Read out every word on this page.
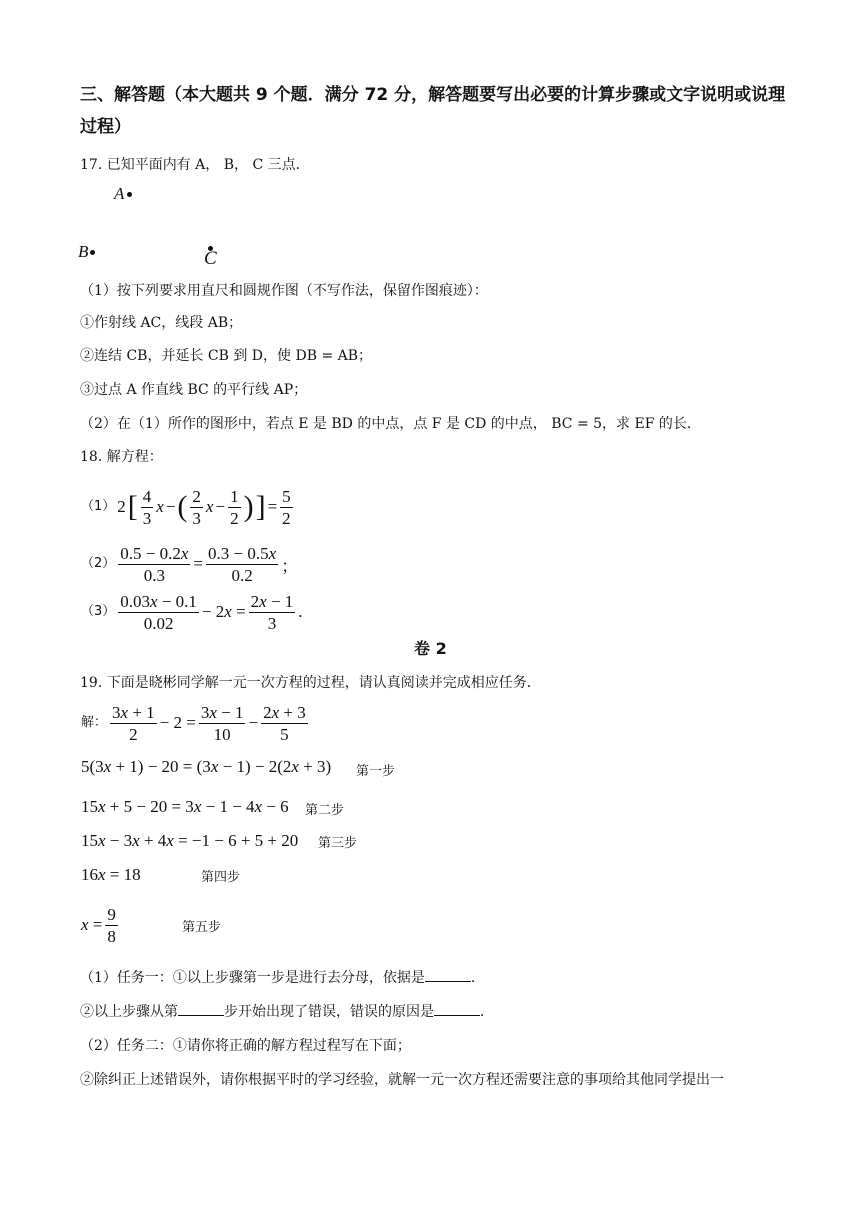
三、解答题（本大题共 9 个题．满分 72 分，解答题要写出必要的计算步骤或文字说明或说理
过程）
17. 已知平面内有 A， B， C 三点．
A
B	C
（1）按下列要求用直尺和圆规作图（不写作法，保留作图痕迹）：
①作射线 AC，线段 AB；
②连结 CB，并延长 CB 到 D，使 DB = AB；
③过点 A 作直线 BC 的平行线 AP；
（2）在（1）所作的图形中，若点 E 是 BD 的中点，点 F 是 CD 的中点， BC = 5，求 EF 的长．
18. 解方程：
（1） 2 [ $\frac{4}{3}$ x − ( $\frac{2}{3}$ $x - \frac{1}{2}$ ) ] = $\frac{5}{2}$
$(2) \frac{0.5 - 0.2x}{0.3} = \frac{0.3 - 0.5x}{0.2}$ ；
$(3) \frac{0.03x - 0.1}{0.02} - 2x = \frac{2x - 1}{3}$ .
卷 2
19. 下面是晓彬同学解一元一次方程的过程，请认真阅读并完成相应任务．
解： $\frac{3x + 1}{2} - 2 = \frac{3x - 1}{10} - \frac{2x + 3}{5}$
5(3x + 1) − 20 = (3x − 1) − 2(2x + 3) 第一步
15x + 5 − 20 = 3x − 1 − 4x − 6 第二步
15x − 3x + 4x = −1 − 6 + 5 + 20 第三步
16x = 18	第四步
$x = \frac{9}{8}$	第五步
（1）任务一：①以上步骤第一步是进行去分母，依据是	．
②以上步骤从第	步开始出现了错误，错误的原因是	．
（2）任务二：①请你将正确的解方程过程写在下面；
②除纠正上述错误外，请你根据平时的学习经验，就解一元一次方程还需要注意的事项给其他同学提出一
